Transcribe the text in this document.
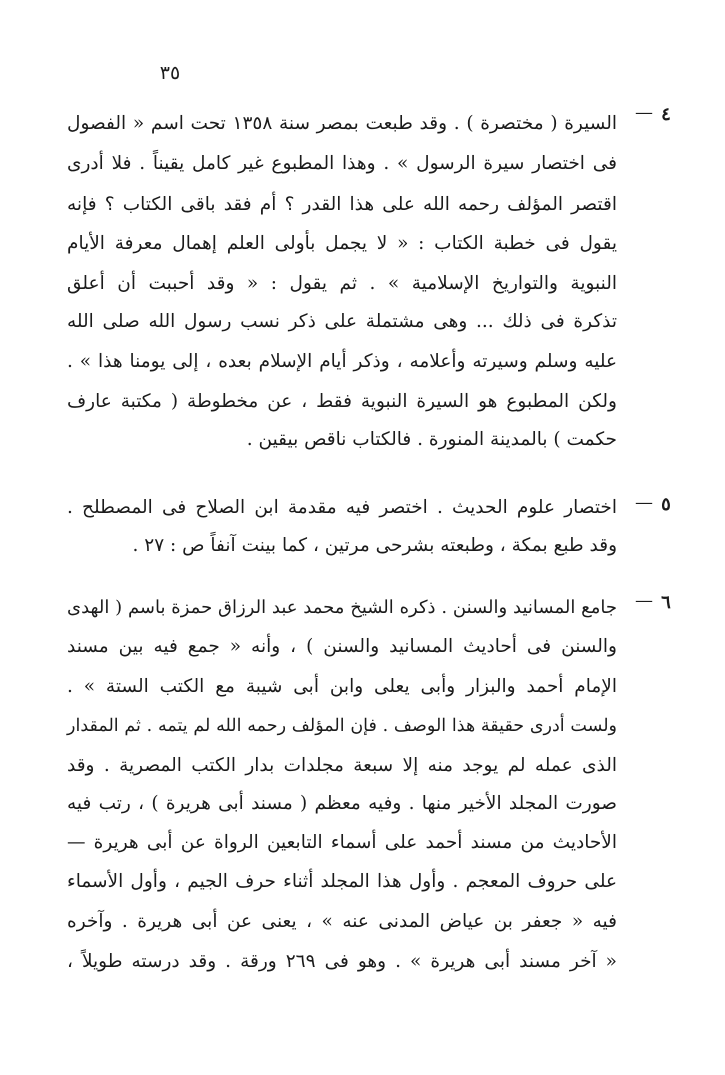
٣٥
٤
—
السيرة ( مختصرة ) . وقد طبعت بمصر سنة ١٣٥٨ تحت اسم « الفصول
فى اختصار سيرة الرسول » . وهذا المطبوع غير كامل يقيناً . فلا أدرى
اقتصر المؤلف رحمه الله على هذا القدر ؟ أم فقد باقى الكتاب ؟ فإنه
يقول فى خطبة الكتاب : « لا يجمل بأولى العلم إهمال معرفة الأيام
النبوية والتواريخ الإسلامية » . ثم يقول : « وقد أحببت أن أعلق
تذكرة فى ذلك ... وهى مشتملة على ذكر نسب رسول الله صلى الله
عليه وسلم وسيرته وأعلامه ، وذكر أيام الإسلام بعده ، إلى يومنا هذا » .
ولكن المطبوع هو السيرة النبوية فقط ، عن مخطوطة ( مكتبة عارف
حكمت ) بالمدينة المنورة . فالكتاب ناقص بيقين .
٥
—
اختصار علوم الحديث . اختصر فيه مقدمة ابن الصلاح فى المصطلح .
وقد طبع بمكة ، وطبعته بشرحى مرتين ، كما بينت آنفاً ص : ٢٧ .
٦
—
جامع المسانيد والسنن . ذكره الشيخ محمد عبد الرزاق حمزة باسم ( الهدى
والسنن فى أحاديث المسانيد والسنن ) ، وأنه « جمع فيه بين مسند
الإمام أحمد والبزار وأبى يعلى وابن أبى شيبة مع الكتب الستة » .
ولست أدرى حقيقة هذا الوصف . فإن المؤلف رحمه الله لم يتمه . ثم المقدار
الذى عمله لم يوجد منه إلا سبعة مجلدات بدار الكتب المصرية . وقد
صورت المجلد الأخير منها . وفيه معظم ( مسند أبى هريرة ) ، رتب فيه
الأحاديث من مسند أحمد على أسماء التابعين الرواة عن أبى هريرة —
على حروف المعجم . وأول هذا المجلد أثناء حرف الجيم ، وأول الأسماء
فيه « جعفر بن عياض المدنى عنه » ، يعنى عن أبى هريرة . وآخره
« آخر مسند أبى هريرة » . وهو فى ٢٦٩ ورقة . وقد درسته طويلاً ،
